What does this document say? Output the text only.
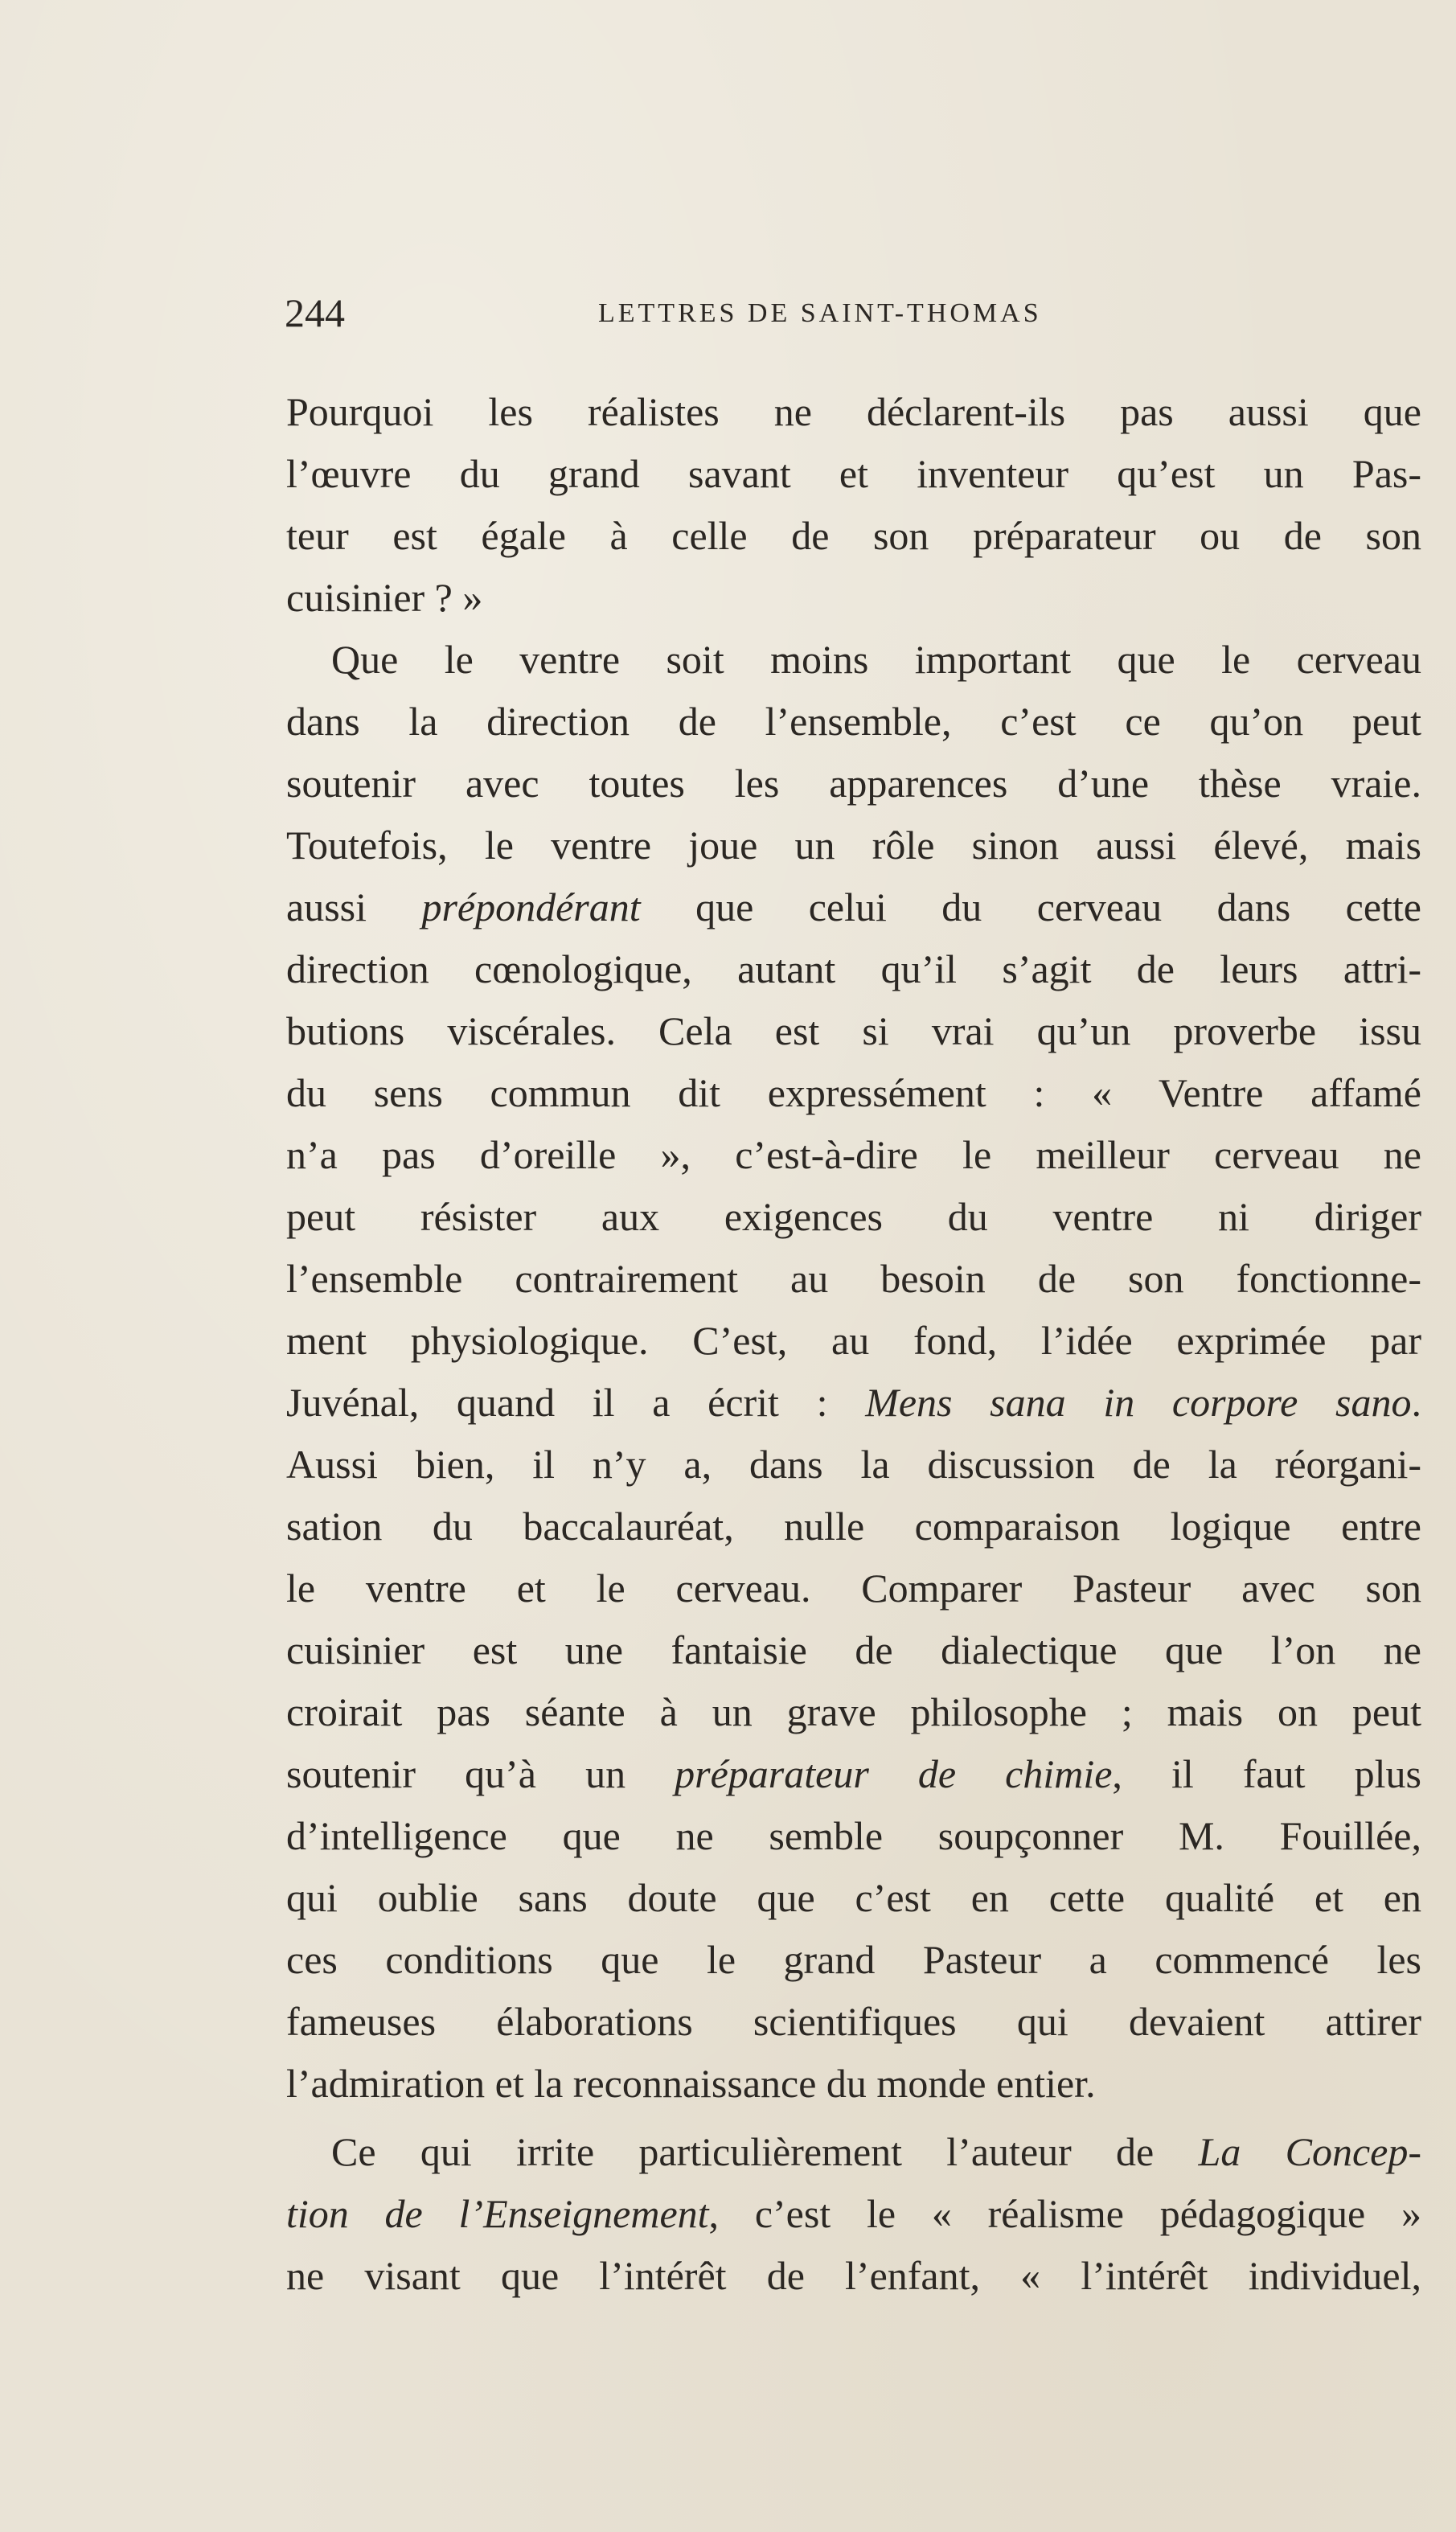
244	LETTRES DE SAINT-THOMAS
Pourquoi les réalistes ne déclarent-ils pas aussi que
l’œuvre du grand savant et inventeur qu’est un Pas-
teur est égale à celle de son préparateur ou de son
cuisinier ? »
Que le ventre soit moins important que le cerveau
dans la direction de l’ensemble, c’est ce qu’on peut
soutenir avec toutes les apparences d’une thèse vraie.
Toutefois, le ventre joue un rôle sinon aussi élevé, mais
aussi prépondérant que celui du cerveau dans cette
direction cœnologique, autant qu’il s’agit de leurs attri-
butions viscérales. Cela est si vrai qu’un proverbe issu
du sens commun dit expressément : « Ventre affamé
n’a pas d’oreille », c’est-à-dire le meilleur cerveau ne
peut résister aux exigences du ventre ni diriger
l’ensemble contrairement au besoin de son fonctionne-
ment physiologique. C’est, au fond, l’idée exprimée par
Juvénal, quand il a écrit : Mens sana in corpore sano.
Aussi bien, il n’y a, dans la discussion de la réorgani-
sation du baccalauréat, nulle comparaison logique entre
le ventre et le cerveau. Comparer Pasteur avec son
cuisinier est une fantaisie de dialectique que l’on ne
croirait pas séante à un grave philosophe ; mais on peut
soutenir qu’à un préparateur de chimie, il faut plus
d’intelligence que ne semble soupçonner M. Fouillée,
qui oublie sans doute que c’est en cette qualité et en
ces conditions que le grand Pasteur a commencé les
fameuses élaborations scientifiques qui devaient attirer
l’admiration et la reconnaissance du monde entier.
Ce qui irrite particulièrement l’auteur de La Concep-
tion de l’Enseignement, c’est le « réalisme pédagogique »
ne visant que l’intérêt de l’enfant, « l’intérêt individuel,
